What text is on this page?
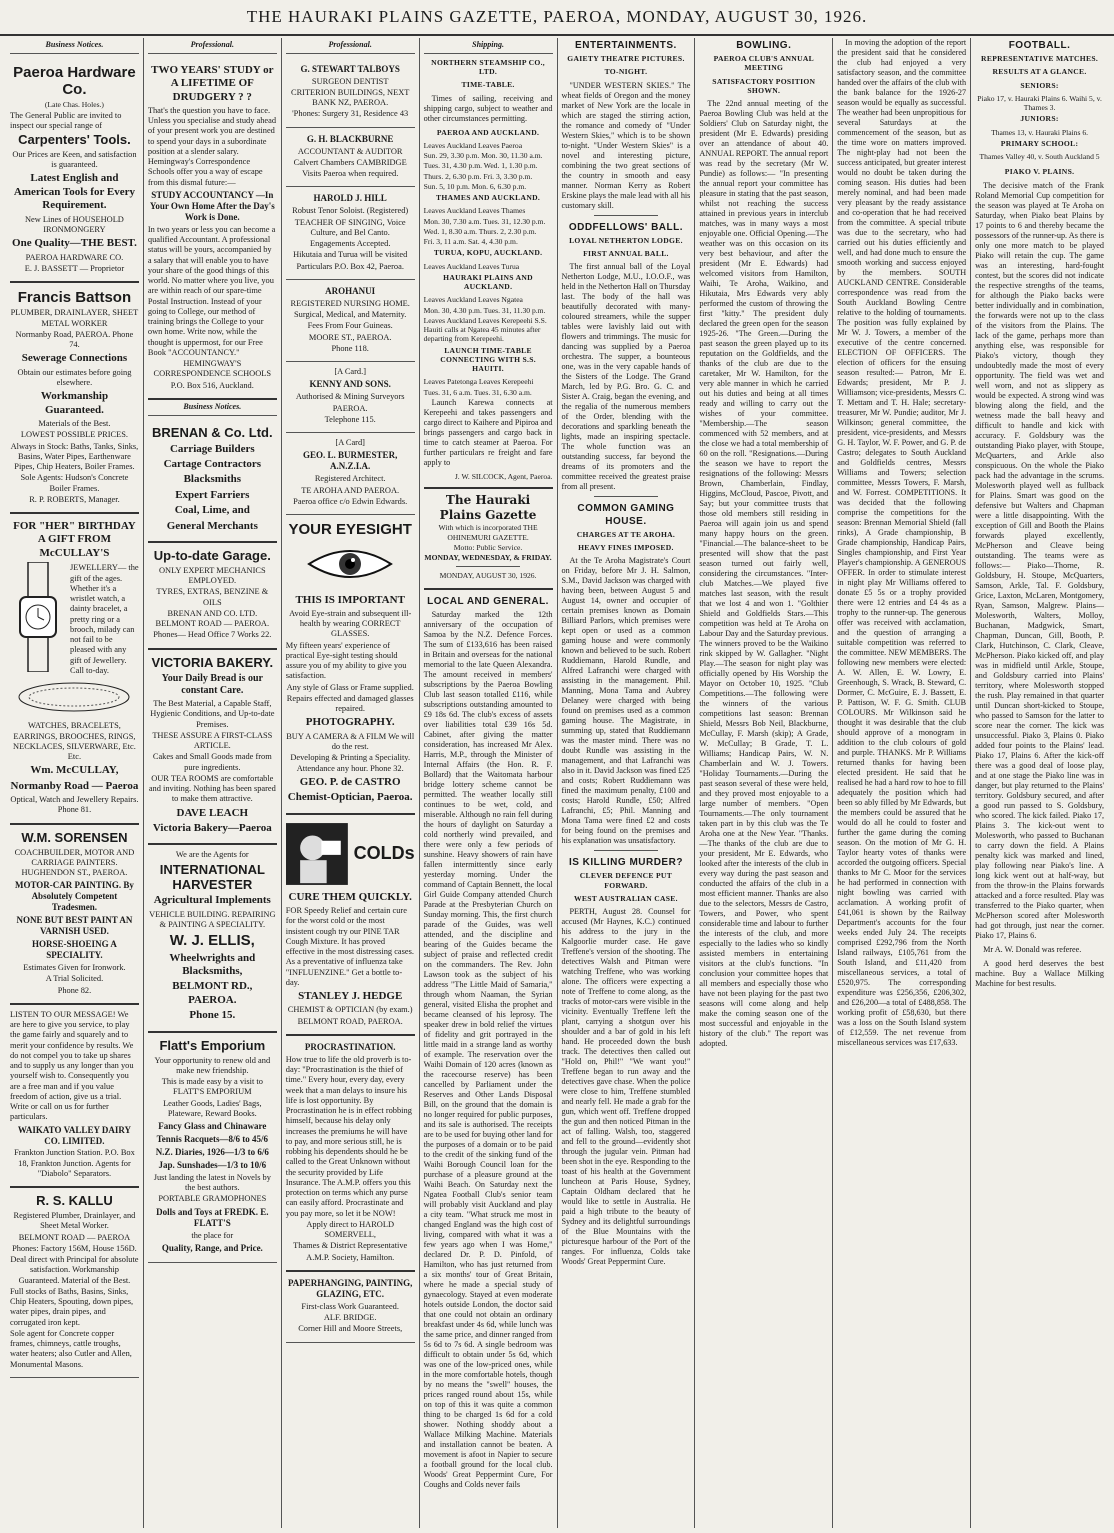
THE HAURAKI PLAINS GAZETTE, PAEROA, MONDAY, AUGUST 30, 1926.
Business Notices.
Paeroa Hardware Co.
(Late Chas. Holes.)
The General Public are invited to inspect our special range of
Carpenters' Tools.
Our Prices are Keen, and satisfaction is guaranteed.
Latest English and American Tools for Every Requirement.
New Lines of HOUSEHOLD IRONMONGERY
One Quality—THE BEST.
PAEROA HARDWARE CO.
E. J. BASSETT — Proprietor
Francis Battson
PLUMBER, DRAINLAYER, SHEET METAL WORKER
Normanby Road, PAEROA. Phone 74.
Sewerage Connections
Obtain our estimates before going elsewhere.
Workmanship Guaranteed.
Materials of the Best.
LOWEST POSSIBLE PRICES.
Always in Stock: Baths, Tanks, Sinks, Basins, Water Pipes, Earthenware Pipes, Chip Heaters, Boiler Frames.
Sole Agents: Hudson's Concrete Boiler Frames.
R. P. ROBERTS, Manager.
FOR "HER" BIRTHDAY A GIFT FROM McCULLAY'S
JEWELLERY— the gift of the ages. Whether it's a wristlet watch, a dainty bracelet, a pretty ring or a brooch, milady can not fail to be pleased with any gift of Jewellery. Call to-day.
WATCHES, BRACELETS, EARRINGS, BROOCHES, RINGS, NECKLACES, SILVERWARE, Etc. Etc.
Wm. McCULLAY,
Normanby Road — Paeroa
Optical, Watch and Jewellery Repairs. Phone 81.
W.M. SORENSEN
COACHBUILDER, MOTOR AND CARRIAGE PAINTERS. HUGHENDON ST., PAEROA.
MOTOR-CAR PAINTING. By Absolutely Competent Tradesmen.
NONE BUT BEST PAINT AN VARNISH USED.
HORSE-SHOEING A SPECIALITY.
Estimates Given for Ironwork.
A Trial Solicited.
Phone 82.
LISTEN TO OUR MESSAGE! We are here to give you service, to play the game fairly and squarely and to merit your confidence by results. We do not compel you to take up shares and to supply us any longer than you yourself wish to. Consequently you are a free man and if you value freedom of action, give us a trial. Write or call on us for further particulars.
WAIKATO VALLEY DAIRY CO. LIMITED.
Frankton Junction Station. P.O. Box 18, Frankton Junction. Agents for "Diabolo" Separators.
R. S. KALLU
Registered Plumber, Drainlayer, and Sheet Metal Worker.
BELMONT ROAD — PAEROA
Phones: Factory 156M, House 156D.
Deal direct with Principal for absolute satisfaction. Workmanship Guaranteed. Material of the Best.
Full stocks of Baths, Basins, Sinks, Chip Heaters, Spouting, down pipes, water pipes, drain pipes, and corrugated iron kept.
Sole agent for Concrete copper frames, chimneys, cattle troughs, water heaters; also Cutler and Allen, Monumental Masons.
Professional.
TWO YEARS' STUDY or A LIFETIME OF DRUDGERY ? ?
That's the question you have to face. Unless you specialise and study ahead of your present work you are destined to spend your days in a subordinate position at a slender salary. Hemingway's Correspondence Schools offer you a way of escape from this dismal future:—
STUDY ACCOUNTANCY —In Your Own Home After the Day's Work is Done.
In two years or less you can become a qualified Accountant. A professional status will be yours, accompanied by a salary that will enable you to have your share of the good things of this world. No matter where you live, you are within reach of our spare-time Postal Instruction. Instead of your going to College, our method of training brings the College to your own home. Write now, while the thought is uppermost, for our Free Book "ACCOUNTANCY."
HEMINGWAY'S CORRESPONDENCE SCHOOLS
P.O. Box 516, Auckland.
Business Notices.
BRENAN & Co. Ltd.
Carriage Builders
Cartage Contractors
Blacksmiths
Expert Farriers
Coal, Lime, and
General Merchants
Up-to-date Garage.
ONLY EXPERT MECHANICS EMPLOYED.
TYRES, EXTRAS, BENZINE & OILS
BRENAN AND CO. LTD. BELMONT ROAD — PAEROA.
Phones— Head Office 7 Works 22.
VICTORIA BAKERY.
Your Daily Bread is our constant Care.
The Best Material, a Capable Staff, Hygienic Conditions, and Up-to-date Premises.
THESE ASSURE A FIRST-CLASS ARTICLE.
Cakes and Small Goods made from pure ingredients.
OUR TEA ROOMS are comfortable and inviting. Nothing has been spared to make them attractive.
DAVE LEACH
Victoria Bakery—Paeroa
We are the Agents for
INTERNATIONAL HARVESTER
Agricultural Implements
VEHICLE BUILDING. REPAIRING & PAINTING A SPECIALITY.
W. J. ELLIS,
Wheelwrights and Blacksmiths,
BELMONT RD., PAEROA.
Phone 15.
Flatt's Emporium
Your opportunity to renew old and make new friendship.
This is made easy by a visit to FLATT'S EMPORIUM
Leather Goods, Ladies' Bags, Plateware, Reward Books.
Fancy Glass and Chinaware
Tennis Racquets—8/6 to 45/6
N.Z. Diaries, 1926—1/3 to 6/6
Jap. Sunshades—1/3 to 10/6
Just landing the latest in Novels by the best authors.
PORTABLE GRAMOPHONES
Dolls and Toys at FREDK. E. FLATT'S
the place for
Quality, Range, and Price.
Professional.
G. STEWART TALBOYS
SURGEON DENTIST
CRITERION BUILDINGS, NEXT BANK NZ, PAEROA.
'Phones: Surgery 31, Residence 43
G. H. BLACKBURNE
ACCOUNTANT & AUDITOR
Calvert Chambers CAMBRIDGE
Visits Paeroa when required.
HAROLD J. HILL
Robust Tenor Soloist. (Registered)
TEACHER OF SINGING, Voice Culture, and Bel Canto.
Engagements Accepted.
Hikutaia and Turua will be visited
Particulars P.O. Box 42, Paeroa.
AROHANUI
REGISTERED NURSING HOME.
Surgical, Medical, and Maternity.
Fees From Four Guineas.
MOORE ST., PAEROA.
Phone 118.
[A Card.]
KENNY AND SONS.
Authorised & Mining Surveyors
PAEROA.
Telephone 115.
[A Card]
GEO. L. BURMESTER, A.N.Z.I.A.
Registered Architect.
TE AROHA AND PAEROA.
Paeroa office c/o Edwin Edwards.
YOUR EYESIGHT
THIS IS IMPORTANT
Avoid Eye-strain and subsequent ill-health by wearing CORRECT GLASSES.
My fifteen years' experience of practical Eye-sight testing should assure you of my ability to give you satisfaction.
Any style of Glass or Frame supplied.
Repairs effected and damaged glasses repaired.
PHOTOGRAPHY.
BUY A CAMERA & A FILM We will do the rest.
Developing & Printing a Speciality. Attendance any hour. Phone 32.
GEO. P. de CASTRO
Chemist-Optician, Paeroa.
COLDs
CURE THEM QUICKLY.
FOR Speedy Relief and certain cure for the worst cold or the most insistent cough try our PINE TAR Cough Mixture. It has proved effective in the most distressing cases. As a preventative of influenza take "INFLUENZINE." Get a bottle to-day.
STANLEY J. HEDGE
CHEMIST & OPTICIAN (by exam.)
BELMONT ROAD, PAEROA.
PROCRASTINATION.
How true to life the old proverb is to-day: "Procrastination is the thief of time." Every hour, every day, every week that a man delays to insure his life is lost opportunity. By Procrastination he is in effect robbing himself, because his delay only increases the premiums he will have to pay, and more serious still, he is robbing his dependents should he be called to the Great Unknown without the security provided by Life Insurance. The A.M.P. offers you this protection on terms which any purse can easily afford. Procrastinate and you pay more, so let it be NOW!
Apply direct to HAROLD SOMERVELL,
Thames & District Representative
A.M.P. Society, Hamilton.
PAPERHANGING, PAINTING, GLAZING, ETC.
First-class Work Guaranteed.
ALF. BRIDGE.
Corner Hill and Moore Streets,
Shipping.
NORTHERN STEAMSHIP CO., LTD.
TIME-TABLE.

Times of sailing, receiving and shipping cargo, subject to weather and other circumstances permitting.

PAEROA AND AUCKLAND.
Leaves Auckland Leaves Paeroa
Sun. 29, 3.30 p.m. Mon. 30, 11.30 a.m.
Tues. 31, 4.30 p.m. Wed. 1, 1.30 p.m.
Thurs. 2, 6.30 p.m. Fri. 3, 3.30 p.m.
Sun. 5, 10 p.m. Mon. 6, 6.30 p.m.
THAMES AND AUCKLAND.
Leaves Auckland Leaves Thames
Mon. 30, 7.30 a.m. Tues. 31, 12.30 p.m.
Wed. 1, 8.30 a.m. Thurs. 2, 2.30 p.m.
Fri. 3, 11 a.m. Sat. 4, 4.30 p.m.
TURUA, KOPU, AUCKLAND.
Leaves Auckland Leaves Turua
HAURAKI PLAINS AND AUCKLAND.
Leaves Auckland Leaves Ngatea
Mon. 30, 4.30 p.m. Tues. 31, 11.30 p.m.
Leaves Auckland Leaves Kerepeehi S.S. Hauiti calls at Ngatea 45 minutes after departing from Kerepeehi.
LAUNCH TIME-TABLE CONNECTING WITH S.S. HAUITI.
Leaves Patetonga Leaves Kerepeehi
Tues. 31, 6 a.m. Tues. 31, 6.30 a.m.

Launch Karewa connects at Kerepeehi and takes passengers and cargo direct to Kaihere and Pipiroa and brings passengers and cargo back in time to catch steamer at Paeroa. For further particulars re freight and fare apply to

J. W. SILCOCK, Agent, Paeroa.
The Hauraki Plains Gazette
With which is incorporated THE OHINEMURI GAZETTE.
Motto: Public Service.
MONDAY, WEDNESDAY, & FRIDAY.
MONDAY, AUGUST 30, 1926.
LOCAL AND GENERAL.

Saturday marked the 12th anniversary of the occupation of Samoa by the N.Z. Defence Forces. The sum of £133,616 has been raised in Britain and overseas for the national memorial to the late Queen Alexandra. The amount received in members' subscriptions by the Paeroa Bowling Club last season totalled £116, while subscriptions outstanding amounted to £9 18s 6d. The club's excess of assets over liabilities total £39 16s 5d. Cabinet, after giving the matter consideration, has increased Mr Alex. Harris, M.P., through the Minister of Internal Affairs (the Hon. R. F. Bollard) that the Waitomata harbour bridge lottery scheme cannot be permitted. The weather locally still continues to be wet, cold, and miserable. Although no rain fell during the hours of daylight on Saturday a cold northerly wind prevailed, and there were only a few periods of sunshine. Heavy showers of rain have fallen intermittently since early yesterday morning. Under the command of Captain Bennett, the local Girl Guide Company attended Church Parade at the Presbyterian Church on Sunday morning. This, the first church parade of the Guides, was well attended, and the discipline and bearing of the Guides became the subject of praise and reflected credit on the commanders. The Rev. John Lawson took as the subject of his address "The Little Maid of Samaria," through whom Naaman, the Syrian general, visited Elisha the prophet and became cleansed of his leprosy. The speaker drew in bold relief the virtues of fidelity and grit portrayed in the little maid in a strange land as worthy of example. The reservation over the Waihi Domain of 120 acres (known as the racecourse reserve) has been cancelled by Parliament under the Reserves and Other Lands Disposal Bill, on the ground that the domain is no longer required for public purposes, and its sale is authorised. The receipts are to be used for buying other land for the purposes of a domain or to be paid to the credit of the sinking fund of the Waihi Borough Council loan for the purchase of a pleasure ground at the Waihi Beach. On Saturday next the Ngatea Football Club's senior team will probably visit Auckland and play a city team. "What struck me most in changed England was the high cost of living, compared with what it was a few years ago when I was Home," declared Dr. P. D. Pinfold, of Hamilton, who has just returned from a six months' tour of Great Britain, where he made a special study of gynaecology. Stayed at even moderate hotels outside London, the doctor said that one could not obtain an ordinary breakfast under 4s 6d, while lunch was the same price, and dinner ranged from 5s 6d to 7s 6d. A single bedroom was difficult to obtain under 5s 6d, which was one of the low-priced ones, while in the more comfortable hotels, though by no means the "swell" houses, the prices ranged round about 15s, while on top of this it was quite a common thing to be charged 1s 6d for a cold shower. Nothing shoddy about a Wallace Milking Machine. Materials and installation cannot be beaten. A movement is afoot in Napier to secure a football ground for the local club. Woods' Great Peppermint Cure, For Coughs and Colds never fails

ENTERTAINMENTS.
GAIETY THEATRE PICTURES.
TO-NIGHT.

"UNDER WESTERN SKIES." The wheat fields of Oregon and the money market of New York are the locale in which are staged the stirring action, the romance and comedy of "Under Western Skies," which is to be shown to-night. "Under Western Skies" is a novel and interesting picture, combining the two great sections of the country in smooth and easy manner. Norman Kerry as Robert Erskine plays the male lead with all his customary skill.

ODDFELLOWS' BALL.
LOYAL NETHERTON LODGE.
FIRST ANNUAL BALL.

The first annual ball of the Loyal Netherton Lodge, M.U., I.O.O.F., was held in the Netherton Hall on Thursday last. The body of the hall was beautifully decorated with many-coloured streamers, while the supper tables were lavishly laid out with flowers and trimmings. The music for dancing was supplied by a Paeroa orchestra. The supper, a bounteous one, was in the very capable hands of the Sisters of the Lodge. The Grand March, led by P.G. Bro. G. C. and Sister A. Craig, began the evening, and the regalia of the numerous members of the Order, blending with the decorations and sparkling beneath the lights, made an inspiring spectacle. The whole function was an outstanding success, far beyond the dreams of its promoters and the committee received the greatest praise from all present.

COMMON GAMING HOUSE.
CHARGES AT TE AROHA.
HEAVY FINES IMPOSED.

At the Te Aroha Magistrate's Court on Friday, before Mr J. H. Salmon, S.M., David Jackson was charged with having been, between August 5 and August 14, owner and occupier of certain premises known as Domain Billiard Parlors, which premises were kept open or used as a common gaming house and were commonly known and believed to be such. Robert Ruddiemann, Harold Rundle, and Alfred Lafranchi were charged with assisting in the management. Phil. Manning, Mona Tama and Aubrey Delaney were charged with being found on premises used as a common gaming house. The Magistrate, in summing up, stated that Ruddiemann was the master mind. There was no doubt Rundle was assisting in the management, and that Lafranchi was also in it. David Jackson was fined £25 and costs; Robert Ruddiemann was fined the maximum penalty, £100 and costs; Harold Rundle, £50; Alfred Lafranchi, £5; Phil. Manning and Mona Tama were fined £2 and costs for being found on the premises and his explanation was unsatisfactory.

IS KILLING MURDER?
CLEVER DEFENCE PUT FORWARD.
WEST AUSTRALIAN CASE.

PERTH, August 28. Counsel for accused (Mr Haynes, K.C.) continued his address to the jury in the Kalgoorlie murder case. He gave Treffene's version of the shooting. The detectives Walsh and Pitman were watching Treffene, who was working alone. The officers were expecting a note of Treffene to come along, as the tracks of motor-cars were visible in the vicinity. Eventually Treffene left the plant, carrying a shotgun over his shoulder and a bar of gold in his left hand. He proceeded down the bush track. The detectives then called out "Hold on, Phil!" "We want you!" Treffene began to run away and the detectives gave chase. When the police were close to him, Treffene stumbled and nearly fell. He made a grab for the gun, which went off. Treffene dropped the gun and then noticed Pitman in the act of falling. Walsh, too, staggered and fell to the ground—evidently shot through the jugular vein. Pitman had been shot in the eye. Responding to the toast of his health at the Government luncheon at Paris House, Sydney, Captain Oldham declared that he would like to settle in Australia. He paid a high tribute to the beauty of Sydney and its delightful surroundings of the Blue Mountains with the picturesque harbour of the Port of the ranges. For influenza, Colds take Woods' Great Peppermint Cure.

BOWLING.
PAEROA CLUB'S ANNUAL MEETING
SATISFACTORY POSITION SHOWN.

The 22nd annual meeting of the Paeroa Bowling Club was held at the Soldiers' Club on Saturday night, the president (Mr E. Edwards) presiding over an attendance of about 40. ANNUAL REPORT. The annual report was read by the secretary (Mr W. Pundie) as follows:— "In presenting the annual report your committee has pleasure in stating that the past season, whilst not reaching the success attained in previous years in interclub matches, was in many ways a most enjoyable one. Official Opening.—The weather was on this occasion on its very best behaviour, and after the president (Mr E. Edwards) had welcomed visitors from Hamilton, Waihi, Te Aroha, Waikino, and Hikutaia, Mrs Edwards very ably performed the custom of throwing the first "kitty." The president duly declared the green open for the season 1925-26. "The Green.—During the past season the green played up to its reputation on the Goldfields, and the thanks of the club are due to the caretaker, Mr W. Hamilton, for the very able manner in which he carried out his duties and being at all times ready and willing to carry out the wishes of your committee. "Membership.—The season commenced with 52 members, and at the close we had a total membership of 60 on the roll. "Resignations.—During the season we have to report the resignations of the following: Messrs Brown, Chamberlain, Findlay, Higgins, McCloud, Pascoe, Pivott, and Say; but your committee trusts that those old members still residing in Paeroa will again join us and spend many happy hours on the green. "Financial.—The balance-sheet to be presented will show that the past season turned out fairly well, considering the circumstances. "Inter-club Matches.—We played five matches last season, with the result that we lost 4 and won 1. "Golthier Shield and Goldfields Stars.—This competition was held at Te Aroha on Labour Day and the Saturday previous. The winners proved to be the Waikino rink skipped by W. Gallagher. "Night Play.—The season for night play was officially opened by His Worship the Mayor on October 10, 1925. "Club Competitions.—The following were the winners of the various competitions last season: Brennan Shield, Messrs Bob Neil, Blackburne, McCullay, F. Marsh (skip); A Grade, W. McCullay; B Grade, T. L. Williams; Handicap Pairs, W. N. Chamberlain and W. J. Towers. "Holiday Tournaments.—During the past season several of these were held, and they proved most enjoyable to a large number of members. "Open Tournaments.—The only tournament taken part in by this club was the Te Aroha one at the New Year. "Thanks.—The thanks of the club are due to your president, Mr E. Edwards, who looked after the interests of the club in every way during the past season and conducted the affairs of the club in a most efficient manner. Thanks are also due to the selectors, Messrs de Castro, Towers, and Power, who spent considerable time and labour to further the interests of the club, and more especially to the ladies who so kindly assisted members in entertaining visitors at the club's functions. "In conclusion your committee hopes that all members and especially those who have not been playing for the past two seasons will come along and help make the coming season one of the most successful and enjoyable in the history of the club." The report was adopted.

In moving the adoption of the report the president said that he considered the club had enjoyed a very satisfactory season, and the committee handed over the affairs of the club with the bank balance for the 1926-27 season would be equally as successful. The weather had been unpropitious for several Saturdays at the commencement of the season, but as the time wore on matters improved. The night-play had not been the success anticipated, but greater interest would no doubt be taken during the coming season. His duties had been merely nominal, and had been made very pleasant by the ready assistance and co-operation that he had received from the committee. A special tribute was due to the secretary, who had carried out his duties efficiently and well, and had done much to ensure the smooth working and success enjoyed by the members. SOUTH AUCKLAND CENTRE. Considerable correspondence was read from the South Auckland Bowling Centre relative to the holding of tournaments. The position was fully explained by Mr W. J. Towers, a member of the executive of the centre concerned. ELECTION OF OFFICERS. The election of officers for the ensuing season resulted:— Patron, Mr E. Edwards; president, Mr P. J. Williamson; vice-presidents, Messrs C. T. Mettam and T. H. Hale; secretary-treasurer, Mr W. Pundie; auditor, Mr J. Wilkinson; general committee, the president, vice-presidents, and Messrs G. H. Taylor, W. F. Power, and G. P. de Castro; delegates to South Auckland and Goldfields centres, Messrs Williams and Towers; selection committee, Messrs Towers, F. Marsh, and W. Forrest. COMPETITIONS. It was decided that the following comprise the competitions for the season: Brennan Memorial Shield (fall rinks), A Grade championship, B Grade championship, Handicap Pairs, Singles championship, and First Year Player's championship. A GENEROUS OFFER. In order to stimulate interest in night play Mr Williams offered to donate £5 5s or a trophy provided there were 12 entries and £4 4s as a trophy to the runner-up. The generous offer was received with acclamation, and the question of arranging a suitable competition was referred to the committee. NEW MEMBERS. The following new members were elected: A. W. Allen, E. W. Lowry, E. Greenhough, S. Wrack, B. Steward, C. Dormer, C. McGuire, E. J. Bassett, E. P. Pattison, W. F. G. Smith. CLUB COLOURS. Mr Wilkinson said he thought it was desirable that the club should approve of a monogram in addition to the club colours of gold and purple. THANKS. Mr P. Williams returned thanks for having been elected president. He said that he realised he had a hard row to hoe to fill adequately the position which had been so ably filled by Mr Edwards, but the members could be assured that he would do all he could to foster and further the game during the coming season. On the motion of Mr G. H. Taylor hearty votes of thanks were accorded the outgoing officers. Special thanks to Mr C. Moor for the services he had performed in connection with night bowling was carried with acclamation. A working profit of £41,061 is shown by the Railway Department's accounts for the four weeks ended July 24. The receipts comprised £292,796 from the North Island railways, £105,761 from the South Island, and £11,420 from miscellaneous services, a total of £520,975. The corresponding expenditure was £256,356, £206,302, and £26,200—a total of £488,858. The working profit of £58,630, but there was a loss on the South Island system of £12,559. The net revenue from miscellaneous services was £17,633.

FOOTBALL.
REPRESENTATIVE MATCHES.
RESULTS AT A GLANCE.
SENIORS:
Piako 17, v. Hauraki Plains 6. Waihi 5, v. Thames 3.
JUNIORS:
Thames 13, v. Hauraki Plains 6.
PRIMARY SCHOOL:
Thames Valley 40, v. South Auckland 5
PIAKO V. PLAINS.

The decisive match of the Frank Roland Memorial Cup competition for the season was played at Te Aroha on Saturday, when Piako beat Plains by 17 points to 6 and thereby became the possessors of the runner-up. As there is only one more match to be played Piako will retain the cup. The game was an interesting, hard-fought contest, but the scores did not indicate the respective strengths of the teams, for although the Piako backs were better individually and in combination, the forwards were not up to the class of the visitors from the Plains. The lack of the game, perhaps more than anything else, was responsible for Piako's victory, though they undoubtedly made the most of every opportunity. The field was wet and well worn, and not as slippery as would be expected. A strong wind was blowing along the field, and the wetness made the ball heavy and difficult to handle and kick with accuracy. F. Goldsbury was the outstanding Piako player, with Stoupe, McQuarters, and Arkle also conspicuous. On the whole the Piako pack had the advantage in the scrums. Molesworth played well as fullback for Plains. Smart was good on the defensive but Walters and Chapman were a little disappointing. With the exception of Gill and Booth the Plains forwards played excellently, McPherson and Cleave being outstanding. The teams were as follows:— Piako—Thorne, R. Goldsbury, H. Stoupe, McQuarters, Samson, Arkle, Tal. F. Goldsbury, Grice, Laxton, McLaren, Montgomery, Ryan, Samson, Malgrew. Plains—Molesworth, Walters, Molloy, Buchanan, Madgwick, Smart, Chapman, Duncan, Gill, Booth, P. Clark, Hutchinson, C. Clark, Cleave, McPherson. Piako kicked off, and play was in midfield until Arkle, Stoupe, and Goldsbury carried into Plains' territory, where Molesworth stopped the rush. Play remained in that quarter until Duncan short-kicked to Stoupe, who passed to Samson for the latter to score near the corner. The kick was unsuccessful. Piako 3, Plains 0. Piako added four points to the Plains' lead. Piako 17, Plains 6. After the kick-off there was a good deal of loose play, and at one stage the Piako line was in danger, but play returned to the Plains' territory. Goldsbury secured, and after a good run passed to S. Goldsbury, who scored. The kick failed. Piako 17, Plains 3. The kick-out went to Molesworth, who passed to Buchanan to carry down the field. A Plains penalty kick was marked and lined, play following near Piako's line. A long kick went out at half-way, but from the throw-in the Plains forwards attacked and a force resulted. Play was transferred to the Piako quarter, when McPherson scored after Molesworth had got through, just near the corner. Piako 17, Plains 6.

Mr A. W. Donald was referee.

A good herd deserves the best machine. Buy a Wallace Milking Machine for best results.
